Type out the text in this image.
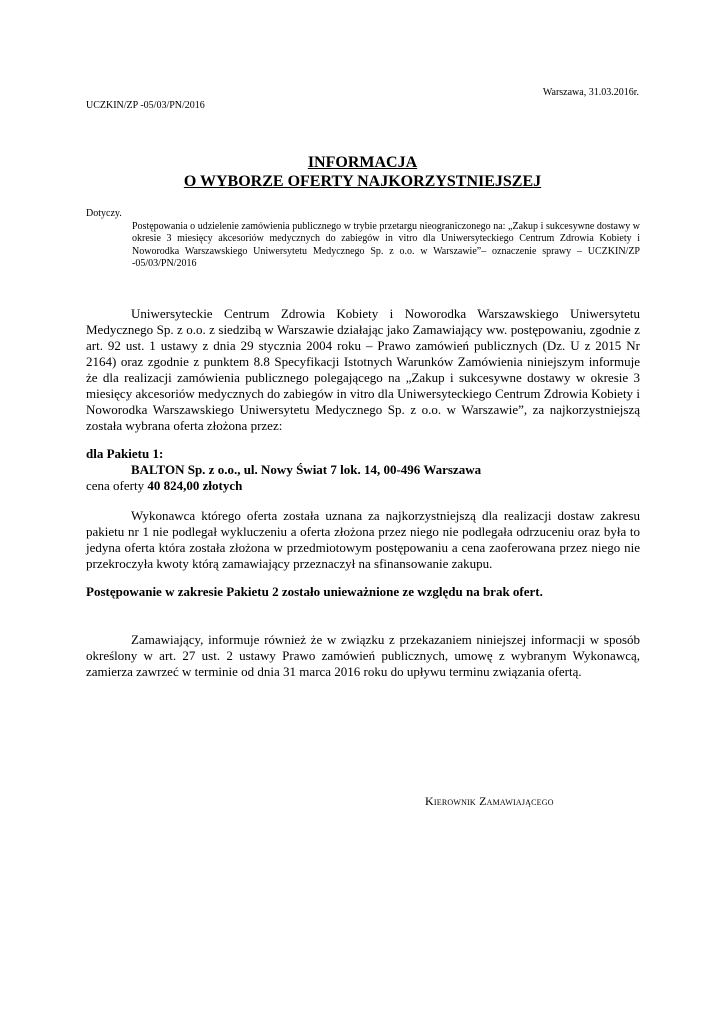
Warszawa, 31.03.2016r.
UCZKIN/ZP -05/03/PN/2016
INFORMACJA
O WYBORZE OFERTY NAJKORZYSTNIEJSZEJ
Dotyczy.
Postępowania o udzielenie zamówienia publicznego w trybie przetargu nieograniczonego na: „Zakup i sukcesywne dostawy w okresie 3 miesięcy akcesoriów medycznych do zabiegów in vitro dla Uniwersyteckiego Centrum Zdrowia Kobiety i Noworodka Warszawskiego Uniwersytetu Medycznego Sp. z o.o. w Warszawie”– oznaczenie sprawy – UCZKIN/ZP -05/03/PN/2016
Uniwersyteckie Centrum Zdrowia Kobiety i Noworodka Warszawskiego Uniwersytetu Medycznego Sp. z o.o. z siedzibą w Warszawie działając jako Zamawiający ww. postępowaniu, zgodnie z art. 92 ust. 1 ustawy z dnia 29 stycznia 2004 roku – Prawo zamówień publicznych (Dz. U z 2015 Nr 2164) oraz zgodnie z punktem 8.8 Specyfikacji Istotnych Warunków Zamówienia niniejszym informuje że dla realizacji zamówienia publicznego polegającego na „Zakup i sukcesywne dostawy w okresie 3 miesięcy akcesoriów medycznych do zabiegów in vitro dla Uniwersyteckiego Centrum Zdrowia Kobiety i Noworodka Warszawskiego Uniwersytetu Medycznego Sp. z o.o. w Warszawie”, za najkorzystniejszą została wybrana oferta złożona przez:
dla Pakietu 1:
BALTON Sp. z o.o., ul. Nowy Świat 7 lok. 14, 00-496 Warszawa
cena oferty 40 824,00 złotych
Wykonawca którego oferta została uznana za najkorzystniejszą dla realizacji dostaw zakresu pakietu nr 1 nie podlegał wykluczeniu a oferta złożona przez niego nie podlegała odrzuceniu oraz była to jedyna oferta która została złożona w przedmiotowym postępowaniu a cena zaoferowana przez niego nie przekroczyła kwoty którą zamawiający przeznaczył na sfinansowanie zakupu.
Postępowanie w zakresie Pakietu 2 zostało unieważnione ze względu na brak ofert.
Zamawiający, informuje również że w związku z przekazaniem niniejszej informacji w sposób określony w art. 27 ust. 2 ustawy Prawo zamówień publicznych, umowę z wybranym Wykonawcą, zamierza zawrzeć w terminie od dnia 31 marca 2016 roku do upływu terminu związania ofertą.
Kierownik Zamawiającego
